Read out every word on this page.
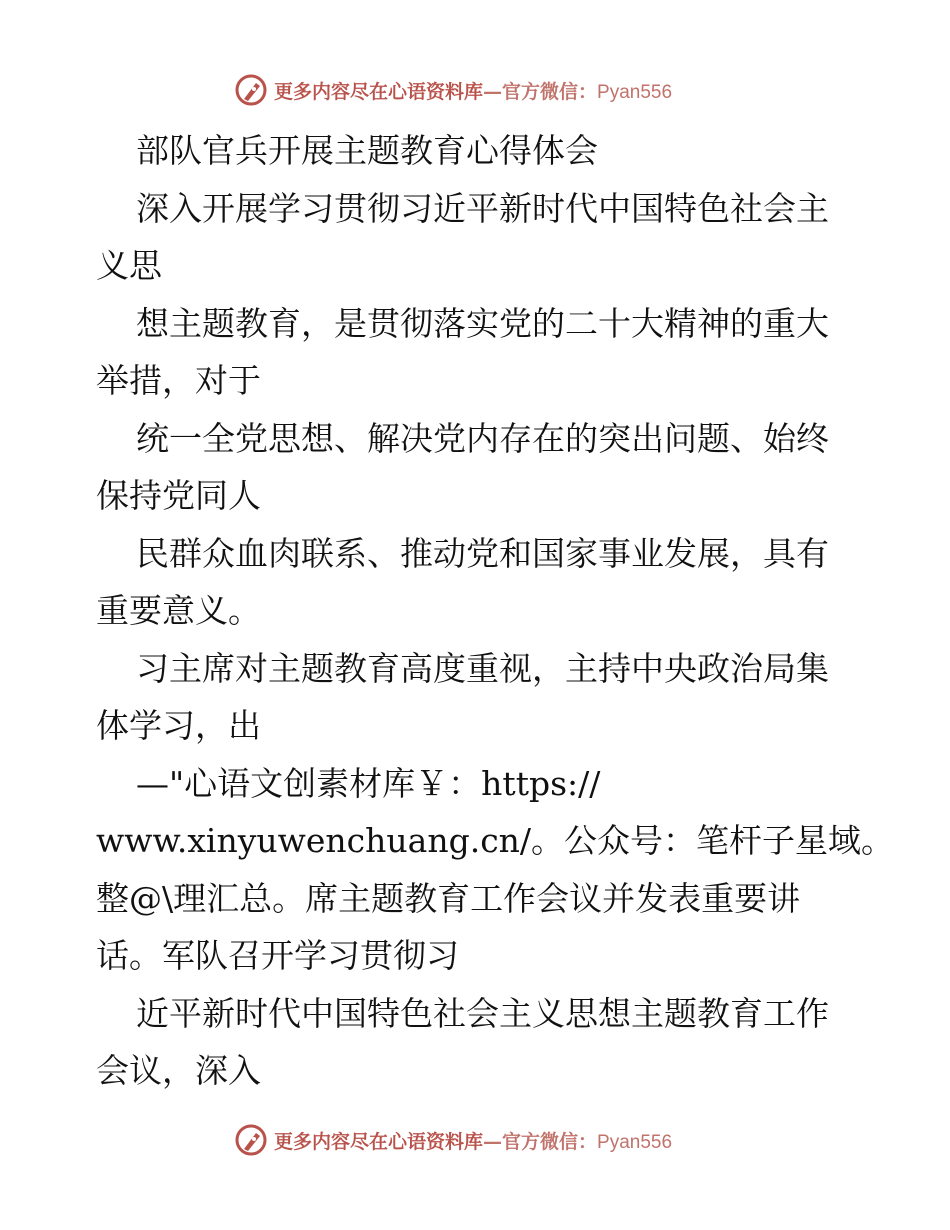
更多内容尽在心语资料库—官方微信：Pyan556
部队官兵开展主题教育心得体会
深入开展学习贯彻习近平新时代中国特色社会主
义思
想主题教育，是贯彻落实党的二十大精神的重大
举措，对于
统一全党思想、解决党内存在的突出问题、始终
保持党同人
民群众血肉联系、推动党和国家事业发展，具有
重要意义。
习主席对主题教育高度重视，主持中央政治局集
体学习，出
—"心语文创素材库￥：https://
www.xinyuwenchuang.cn/。公众号：笔杆子星域。
整@\理汇总。席主题教育工作会议并发表重要讲
话。军队召开学习贯彻习
近平新时代中国特色社会主义思想主题教育工作
会议，深入
更多内容尽在心语资料库—官方微信：Pyan556
